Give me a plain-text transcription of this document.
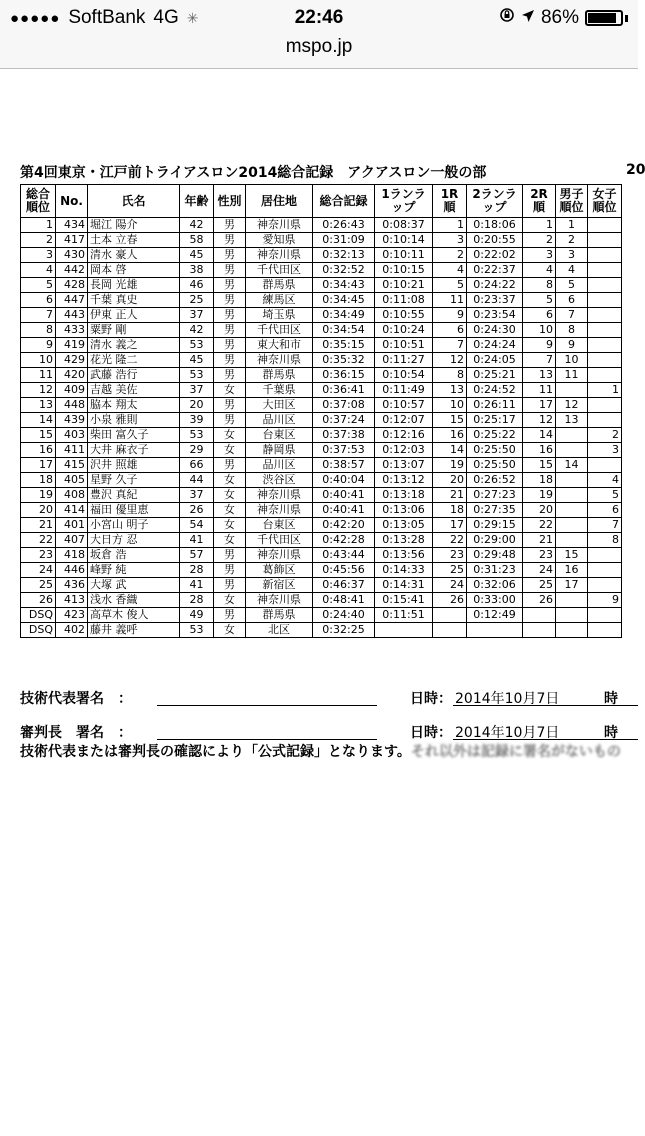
●●●●● SoftBank 4G ✳	22:46	86%
mspo.jp
第4回東京・江戸前トライアスロン2014総合記録　アクアスロン一般の部	20
総合順位	No.	氏名	年齢	性別	居住地	総合記録	1ランラップ	1R順	2ランラップ	2R順	男子順位	女子順位
1	434	堀江 陽介	42	男	神奈川県	0:26:43	0:08:37	1	0:18:06	1	1	
2	417	土本 立春	58	男	愛知県	0:31:09	0:10:14	3	0:20:55	2	2	
3	430	清水 豪人	45	男	神奈川県	0:32:13	0:10:11	2	0:22:02	3	3	
4	442	岡本 啓	38	男	千代田区	0:32:52	0:10:15	4	0:22:37	4	4	
5	428	長岡 光雄	46	男	群馬県	0:34:43	0:10:21	5	0:24:22	8	5	
6	447	千葉 真史	25	男	練馬区	0:34:45	0:11:08	11	0:23:37	5	6	
7	443	伊東 正人	37	男	埼玉県	0:34:49	0:10:55	9	0:23:54	6	7	
8	433	粟野 剛	42	男	千代田区	0:34:54	0:10:24	6	0:24:30	10	8	
9	419	清水 義之	53	男	東大和市	0:35:15	0:10:51	7	0:24:24	9	9	
10	429	花光 隆二	45	男	神奈川県	0:35:32	0:11:27	12	0:24:05	7	10	
11	420	武藤 浩行	53	男	群馬県	0:36:15	0:10:54	8	0:25:21	13	11	
12	409	吉越 美佐	37	女	千葉県	0:36:41	0:11:49	13	0:24:52	11		1
13	448	脇本 翔太	20	男	大田区	0:37:08	0:10:57	10	0:26:11	17	12	
14	439	小泉 雅則	39	男	品川区	0:37:24	0:12:07	15	0:25:17	12	13	
15	403	柴田 富久子	53	女	台東区	0:37:38	0:12:16	16	0:25:22	14		2
16	411	大井 麻衣子	29	女	静岡県	0:37:53	0:12:03	14	0:25:50	16		3
17	415	沢井 照雄	66	男	品川区	0:38:57	0:13:07	19	0:25:50	15	14	
18	405	星野 久子	44	女	渋谷区	0:40:04	0:13:12	20	0:26:52	18		4
19	408	豊沢 真紀	37	女	神奈川県	0:40:41	0:13:18	21	0:27:23	19		5
20	414	福田 優里恵	26	女	神奈川県	0:40:41	0:13:06	18	0:27:35	20		6
21	401	小宮山 明子	54	女	台東区	0:42:20	0:13:05	17	0:29:15	22		7
22	407	大日方 忍	41	女	千代田区	0:42:28	0:13:28	22	0:29:00	21		8
23	418	坂倉 浩	57	男	神奈川県	0:43:44	0:13:56	23	0:29:48	23	15	
24	446	峰野 純	28	男	葛飾区	0:45:56	0:14:33	25	0:31:23	24	16	
25	436	大塚 武	41	男	新宿区	0:46:37	0:14:31	24	0:32:06	25	17	
26	413	浅水 香織	28	女	神奈川県	0:48:41	0:15:41	26	0:33:00	26		9
DSQ	423	高草木 俊人	49	男	群馬県	0:24:40	0:11:51		0:12:49			
DSQ	402	藤井 義呼	53	女	北区	0:32:25						
技術代表署名　：	日時： 2014年10月7日	時
審判長　署名　：	日時： 2014年10月7日	時
技術代表または審判長の確認により「公式記録」となります。それ以外は記録に署名がないもの
